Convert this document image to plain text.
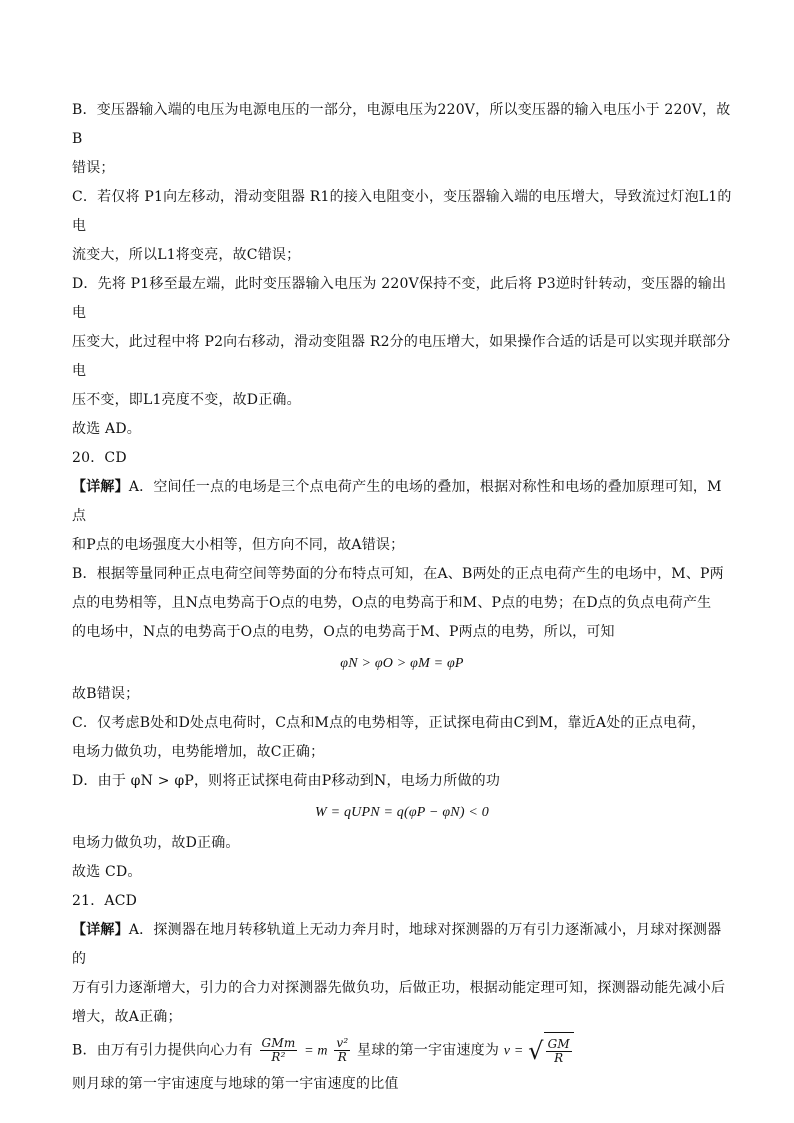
B．变压器输入端的电压为电源电压的一部分，电源电压为220V，所以变压器的输入电压小于 220V，故B

错误；

C．若仅将 P1向左移动，滑动变阻器 R1的接入电阻变小，变压器输入端的电压增大，导致流过灯泡L1的电

流变大，所以L1将变亮，故C错误；

D．先将 P1移至最左端，此时变压器输入电压为 220V保持不变，此后将 P3逆时针转动，变压器的输出电

压变大，此过程中将 P2向右移动，滑动变阻器 R2分的电压增大，如果操作合适的话是可以实现并联部分电

压不变，即L1亮度不变，故D正确。

故选 AD。

20．CD

【详解】A．空间任一点的电场是三个点电荷产生的电场的叠加，根据对称性和电场的叠加原理可知，M点

和P点的电场强度大小相等，但方向不同，故A错误；

B．根据等量同种正点电荷空间等势面的分布特点可知，在A、B两处的正点电荷产生的电场中，M、P两

点的电势相等，且N点电势高于O点的电势，O点的电势高于和M、P点的电势；在D点的负点电荷产生

的电场中，N点的电势高于O点的电势，O点的电势高于M、P两点的电势，所以，可知

φN > φO > φM = φP

故B错误；

C．仅考虑B处和D处点电荷时，C点和M点的电势相等，正试探电荷由C到M，靠近A处的正点电荷，

电场力做负功，电势能增加，故C正确；

D．由于 φN > φP，则将正试探电荷由P移动到N，电场力所做的功

W = qUPN = q(φP − φN) < 0

电场力做负功，故D正确。

故选 CD。

21．ACD

【详解】A．探测器在地月转移轨道上无动力奔月时，地球对探测器的万有引力逐渐减小，月球对探测器的

万有引力逐渐增大，引力的合力对探测器先做负功，后做正功，根据动能定理可知，探测器动能先减小后

增大，故A正确；

B．由万有引力提供向心力有 $\frac{\text{GMm}}{\text{R²}} = m \frac{\text{v²}}{R}$ 星球的第一宇宙速度为 v = √ $\frac{GM}{R}$

则月球的第一宇宙速度与地球的第一宇宙速度的比值
